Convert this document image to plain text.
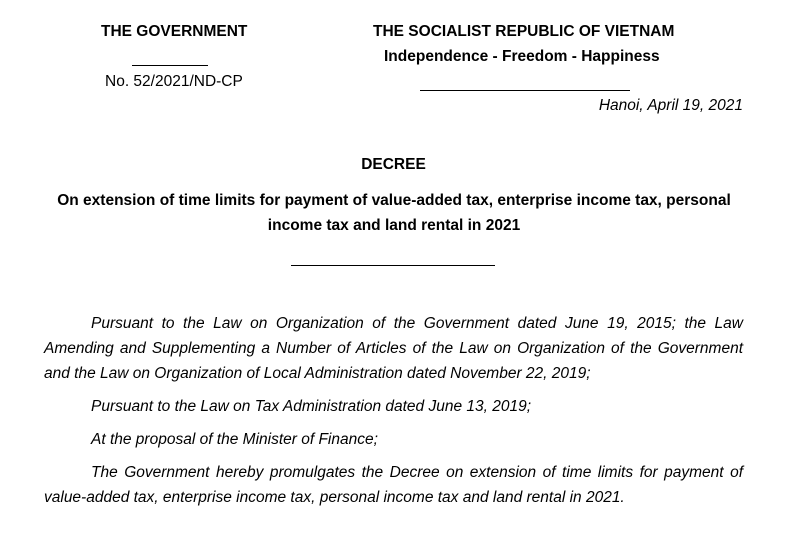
THE GOVERNMENT
No. 52/2021/ND-CP
THE SOCIALIST REPUBLIC OF VIETNAM
Independence - Freedom - Happiness
Hanoi, April 19, 2021
DECREE
On extension of time limits for payment of value-added tax, enterprise income tax, personal income tax and land rental in 2021
Pursuant to the Law on Organization of the Government dated June 19, 2015; the Law Amending and Supplementing a Number of Articles of the Law on Organization of the Government and the Law on Organization of Local Administration dated November 22, 2019;
Pursuant to the Law on Tax Administration dated June 13, 2019;
At the proposal of the Minister of Finance;
The Government hereby promulgates the Decree on extension of time limits for payment of value-added tax, enterprise income tax, personal income tax and land rental in 2021.
